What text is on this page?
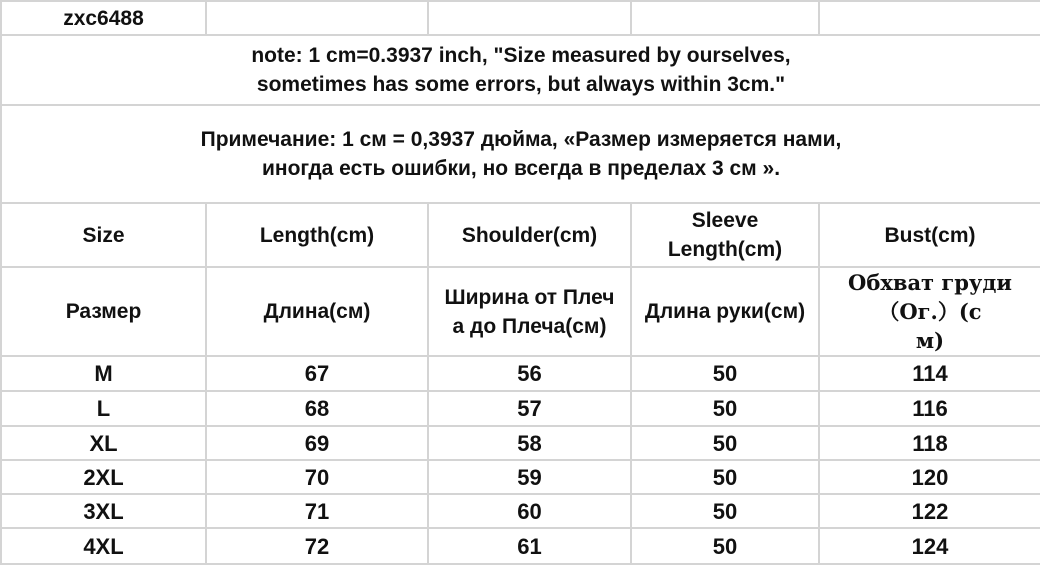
zxc6488				

note: 1 cm=0.3937 inch, "Size measured by ourselves,
sometimes has some errors, but always within 3cm."				

Примечание: 1 см = 0,3937 дюйма, «Размер измеряется нами,
иногда есть ошибки, но всегда в пределах 3 см ».				

Size	Length(cm)	Shoulder(cm)	Sleeve
Length(cm)	Bust(cm)
Размер	Длина(см)	Ширина от Плеч
а до Плеча(см)	Длина руки(см)	Обхват груди （Ог.）(с
м)

M	67	56	50	114
L	68	57	50	116
XL	69	58	50	118
2XL	70	59	50	120
3XL	71	60	50	122
4XL	72	61	50	124
